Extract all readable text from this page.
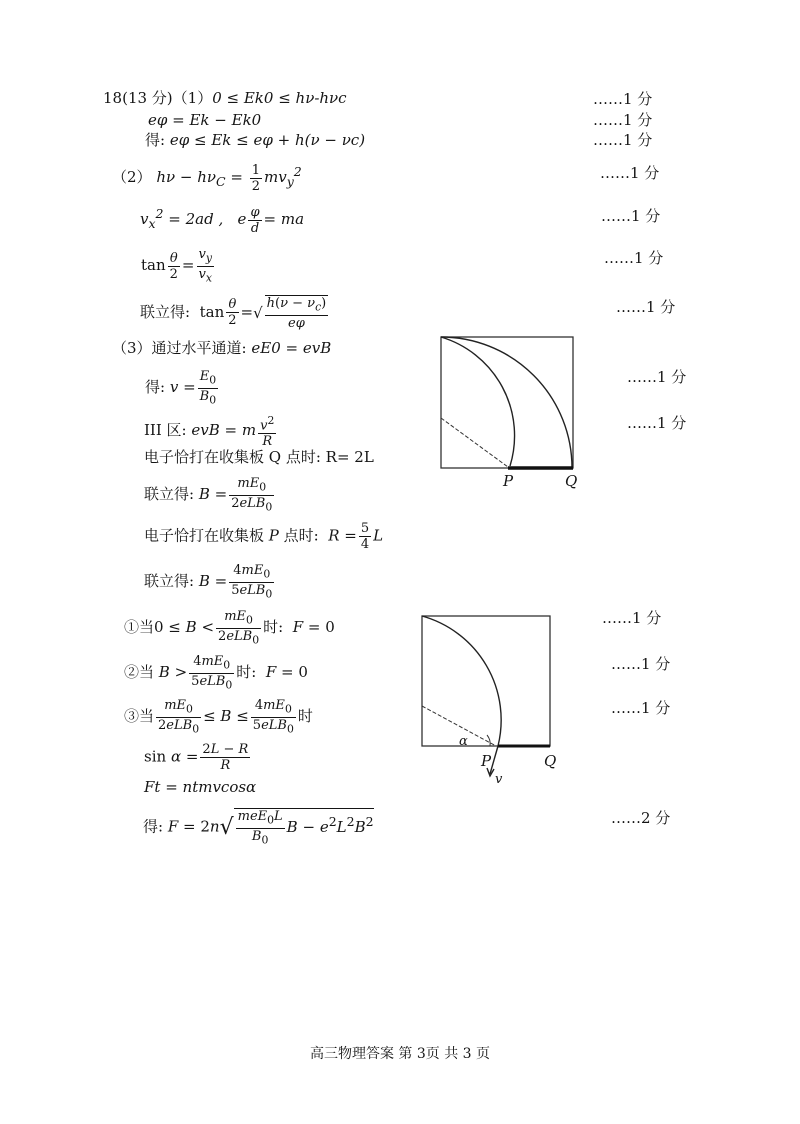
18(13 分)（1）0 ≤ Ek0 ≤ hν-hνc
eφ = Ek − Ek0
得: eφ ≤ Ek ≤ eφ + h(ν − νc)
（2） $h\nu - h\nu_C = \frac{1}{2} mv_y^2$
$v_x^2 = 2ad$ , e $\frac{\varphi}{d}$ = ma
$\tan \frac{\theta}{2} = \frac{v_y}{v_x}$
联立得:  $\tan \frac{\theta}{2}$ =√ $\frac{h(\nu - \nu_c)}{e\varphi}$
（3）通过水平通道: eE0 = evB
得: $v = \frac{E_0}{B_0}$
III 区: evB = m $\frac{v^2}{R}$
电子恰打在收集板 Q 点时: R= 2L
联立得: $B = \frac{mE_0}{2eLB_0}$
电子恰打在收集板 P 点时:  $R = \frac{5}{4}$ L
联立得: $B = \frac{4mE_0}{5eLB_0}$
①当$0 \le B < \frac{mE_0}{2eLB_0}$ 时:  F = 0
②当 $B > \frac{4mE_0}{5eLB_0}$ 时:  F = 0
③当 $\frac{mE_0}{2eLB_0} \le B \le \frac{4mE_0}{5eLB_0}$ 时
$\sin \alpha = \frac{2L - R}{R}$
Ft = ntmvcosα
得: $F = 2n√ \frac{meE_0L}{B_0}$ $B - e^2L^2B^2$
……1 分
……1 分
……1 分
……1 分
……1 分
……1 分
……1 分
……1 分
……1 分
……1 分
……1 分
……1 分
……2 分
P	Q
α
P	Q
v
高三物理答案 第 3页 共 3 页
